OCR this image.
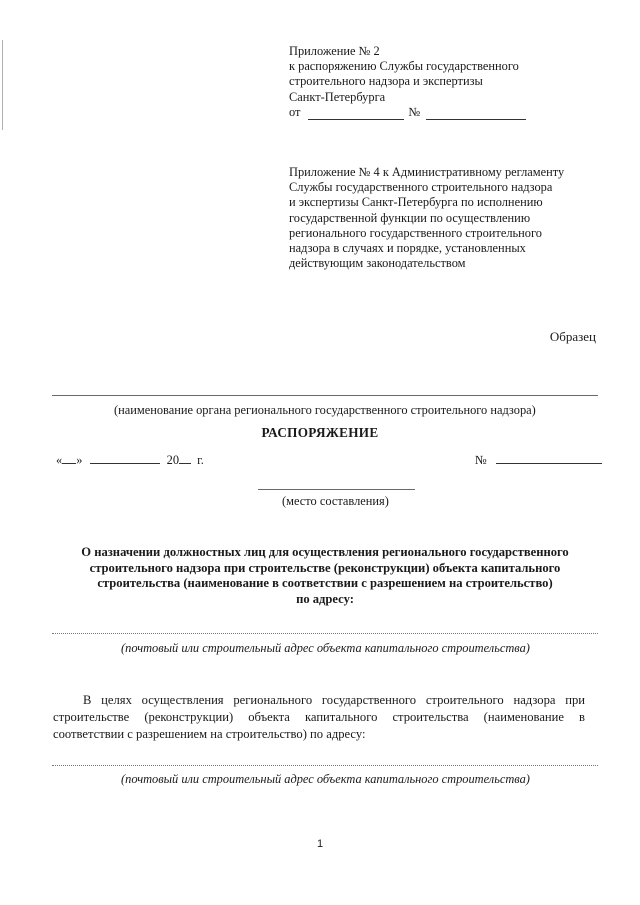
Приложение № 2
к распоряжению Службы государственного
строительного надзора и экспертизы
Санкт-Петербурга
от	№
Приложение № 4 к Административному регламенту
Службы государственного строительного надзора
и экспертизы Санкт-Петербурга по исполнению
государственной функции по осуществлению
регионального государственного строительного
надзора в случаях и порядке, установленных
действующим законодательством
Образец
(наименование органа регионального государственного строительного надзора)
РАСПОРЯЖЕНИЕ
« »	20 г.	№
(место составления)
О назначении должностных лиц для осуществления регионального государственного
строительного надзора при строительстве (реконструкции) объекта капитального
строительства (наименование в соответствии с разрешением на строительство)
по адресу:
(почтовый или строительный адрес объекта капитального строительства)
В целях осуществления регионального государственного строительного надзора при строительстве (реконструкции) объекта капитального строительства (наименование в соответствии с разрешением на строительство) по адресу:
(почтовый или строительный адрес объекта капитального строительства)
1
